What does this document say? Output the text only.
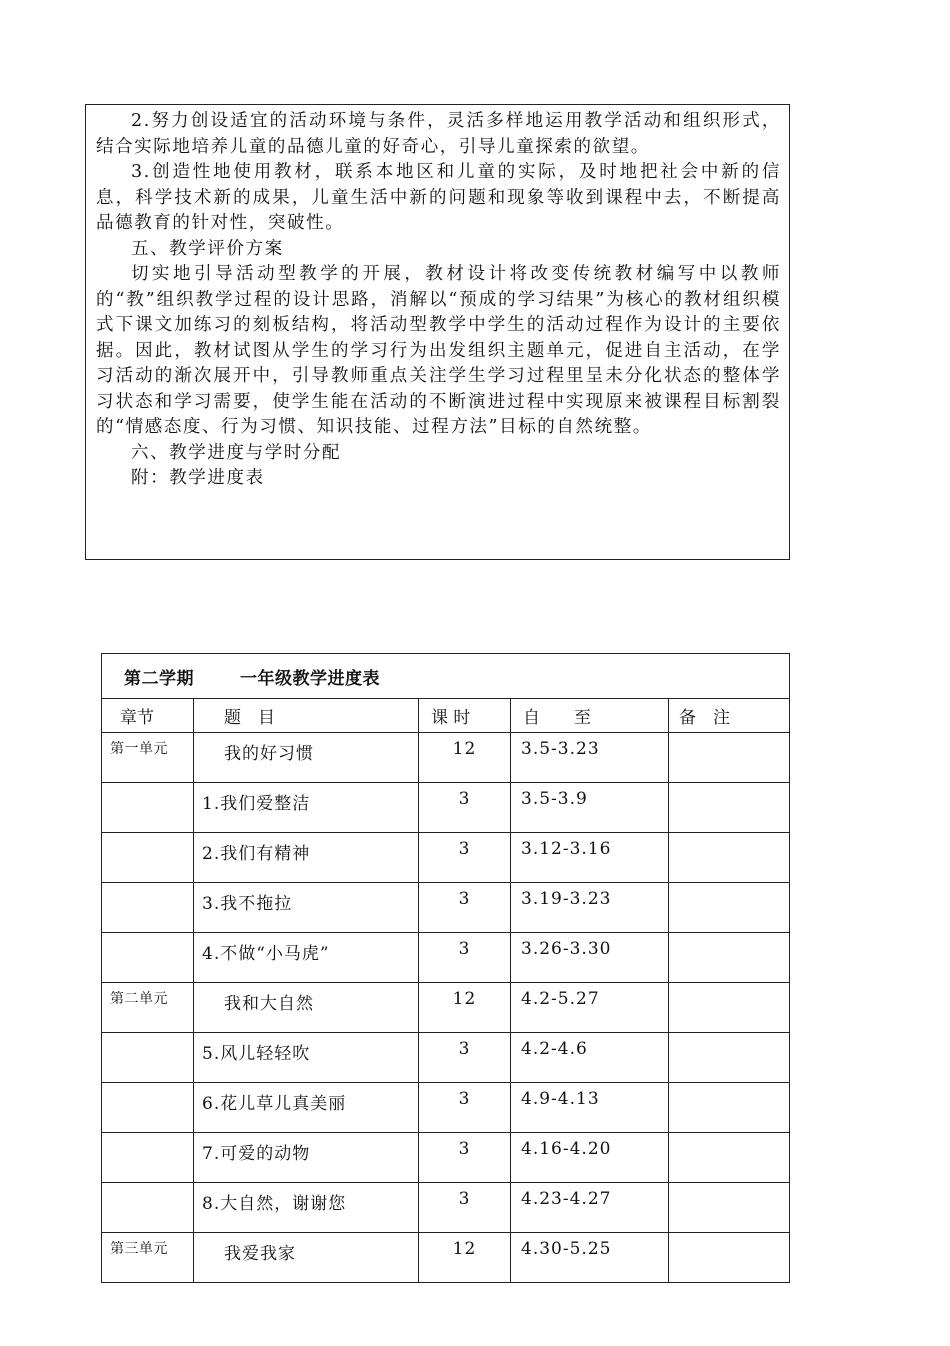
2.努力创设适宜的活动环境与条件，灵活多样地运用教学活动和组织形式，结合实际地培养儿童的品德儿童的好奇心，引导儿童探索的欲望。

3.创造性地使用教材，联系本地区和儿童的实际，及时地把社会中新的信息，科学技术新的成果，儿童生活中新的问题和现象等收到课程中去，不断提高品德教育的针对性，突破性。

五、教学评价方案

切实地引导活动型教学的开展，教材设计将改变传统教材编写中以教师的“教”组织教学过程的设计思路，消解以“预成的学习结果”为核心的教材组织模式下课文加练习的刻板结构，将活动型教学中学生的活动过程作为设计的主要依据。因此，教材试图从学生的学习行为出发组织主题单元，促进自主活动，在学习活动的渐次展开中，引导教师重点关注学生学习过程里呈未分化状态的整体学习状态和学习需要，使学生能在活动的不断演进过程中实现原来被课程目标割裂的“情感态度、行为习惯、知识技能、过程方法”目标的自然统整。

六、教学进度与学时分配

附：教学进度表

第二学期 一年级教学进度表				
章节	题　目	课 时	自　　至	备　注
第一单元	我的好习惯	12	3.5-3.23	
	1.我们爱整洁	3	3.5-3.9	
	2.我们有精神	3	3.12-3.16	
	3.我不拖拉	3	3.19-3.23	
	4.不做“小马虎”	3	3.26-3.30	
第二单元	我和大自然	12	4.2-5.27	
	5.风儿轻轻吹	3	4.2-4.6	
	6.花儿草儿真美丽	3	4.9-4.13	
	7.可爱的动物	3	4.16-4.20	
	8.大自然，谢谢您	3	4.23-4.27	
第三单元	我爱我家	12	4.30-5.25	
